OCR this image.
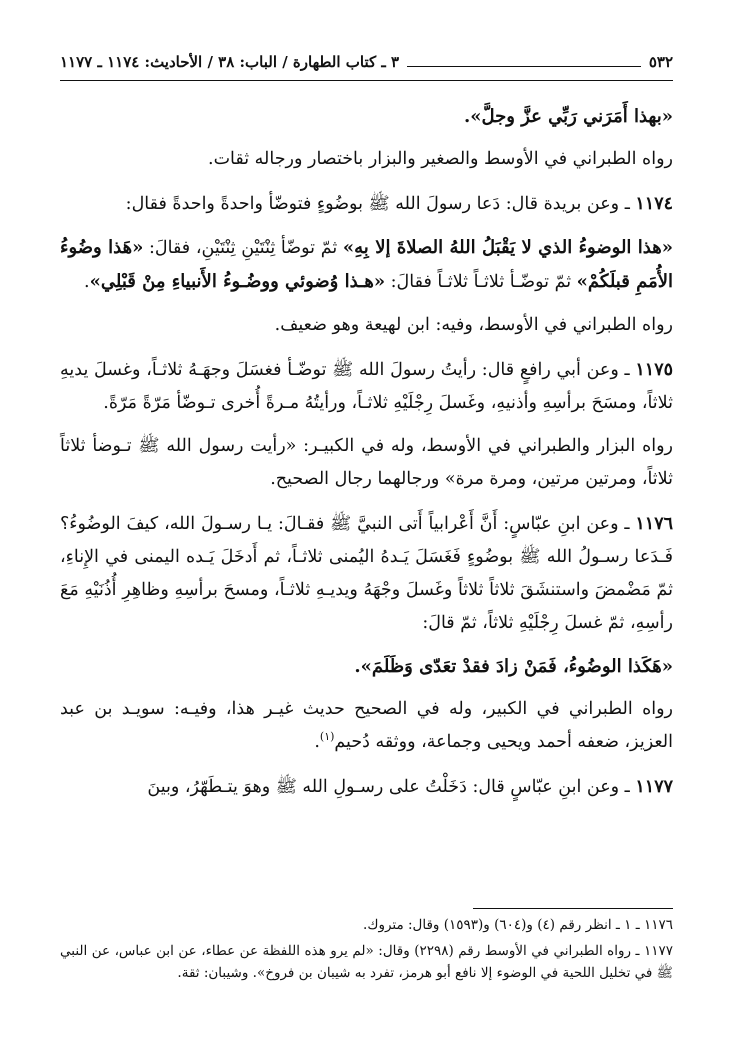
٥٣٢
٣ ـ كتاب الطهارة / الباب: ٣٨ / الأحاديث: ١١٧٤ ـ ١١٧٧

«بهذا أَمَرَني رَبِّي عزَّ وجلَّ».

رواه الطبراني في الأوسط والصغير والبزار باختصار ورجاله ثقات.

١١٧٤ ـ وعن بريدة قال: دَعا رسولَ الله ﷺ بوضُوءٍ فتوضّأ واحدةً واحدةً فقال:

«هذا الوضوءُ الذي لا يَقْبَلُ اللهُ الصلاةَ إلا بِهِ» ثمّ توضّأ ثِنْتَيْنِ ثِنْتَيْنِ، فقالَ: «هَذا وضُوءُ الأُمَمِ قبلَكُمْ» ثمّ توضّـأ ثلاثـاً ثلاثـاً فقالَ: «هـذا وُضوئي ووضُـوءُ الأَنبياءِ مِنْ قَبْلِي».

رواه الطبراني في الأوسط، وفيه: ابن لهيعة وهو ضعيف.

١١٧٥ ـ وعن أبي رافعٍ قال: رأيتُ رسولَ الله ﷺ توضّـأ فغسَلَ وجهَـهُ ثلاثـاً، وغسلَ يديهِ ثلاثاً، ومسَحَ برأسِهِ وأذنيهِ، وغَسلَ رِجْلَيْهِ ثلاثـاً، ورأيتُهُ مـرةً أُخرى تـوضّأ مَرّةً مَرّةً.

رواه البزار والطبراني في الأوسط، وله في الكبيـر: «رأيت رسول الله ﷺ تـوضأ ثلاثاً ثلاثاً، ومرتين مرتين، ومرة مرة» ورجالهما رجال الصحيح.

١١٧٦ ـ وعن ابنِ عبّاسٍ: أَنَّ أَعْرابياً أَتى النبيَّ ﷺ فقـالَ: يـا رسـولَ الله، كيفَ الوضُوءُ؟ فَـدَعا رسـولُ الله ﷺ بوضُوءٍ فَغَسَلَ يَـدهُ اليُمنى ثلاثـاً، ثم أَدخَلَ يَـده اليمنى في الإِناءِ، ثمّ مَضْمضَ واستنشَقَ ثلاثاً ثلاثاً وغَسلَ وجْهَهُ ويديـهِ ثلاثـاً، ومسحَ برأسِهِ وظاهِرِ أُذُنَيْهِ مَعَ رأسِهِ، ثمّ غسلَ رِجْلَيْهِ ثلاثاً، ثمّ قالَ:

«هَكَذا الوضُوءُ، فَمَنْ زادَ فقدْ تعَدّى وَظَلَمَ».

رواه الطبراني في الكبير، وله في الصحيح حديث غيـر هذا، وفيـه: سويـد بن عبد العزيز، ضعفه أحمد ويحيى وجماعة، ووثقه دُحيم$^{(١)}$.

١١٧٧ ـ وعن ابنِ عبّاسٍ قال: دَخَلْتُ على رسـولِ الله ﷺ وهوَ يتـطَهّرُ، وبينَ

١١٧٦ ـ ١ ـ انظر رقم (٤) و(٦٠٤) و(١٥٩٣) وقال: متروك.

١١٧٧ ـ رواه الطبراني في الأوسط رقم (٢٢٩٨) وقال: «لم يرو هذه اللفظة عن عطاء، عن ابن عباس، عن النبي ﷺ في تخليل اللحية في الوضوء إلا نافع أبو هرمز، تفرد به شيبان بن فروخ». وشيبان: ثقة.
